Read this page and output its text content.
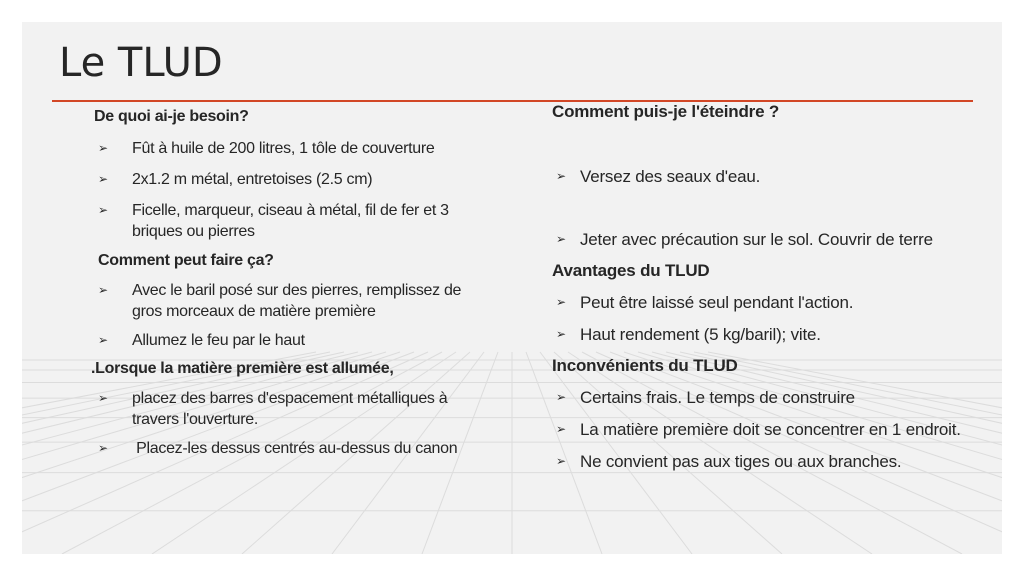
Le TLUD

De quoi ai-je besoin?

➢	Fût à huile de 200 litres, 1 tôle de couverture
➢	2x1.2 m métal, entretoises (2.5 cm)
➢	Ficelle, marqueur, ciseau à métal, fil de fer et 3 briques ou pierres

Comment peut faire ça?

➢	Avec le baril posé sur des pierres, remplissez de gros morceaux de matière première
➢	Allumez le feu par le haut

.Lorsque la matière première est allumée,

➢	placez des barres d'espacement métalliques à travers l'ouverture.
➢	Placez-les dessus centrés au-dessus du canon

Comment puis-je l'éteindre ?

➢ Versez des seaux d'eau.
➢ Jeter avec précaution sur le sol. Couvrir de terre

Avantages du TLUD

➢ Peut être laissé seul pendant l'action.
➢ Haut rendement (5 kg/baril); vite.

Inconvénients du TLUD

➢ Certains frais. Le temps de construire
➢ La matière première doit se concentrer en 1 endroit.
➢ Ne convient pas aux tiges ou aux branches.
